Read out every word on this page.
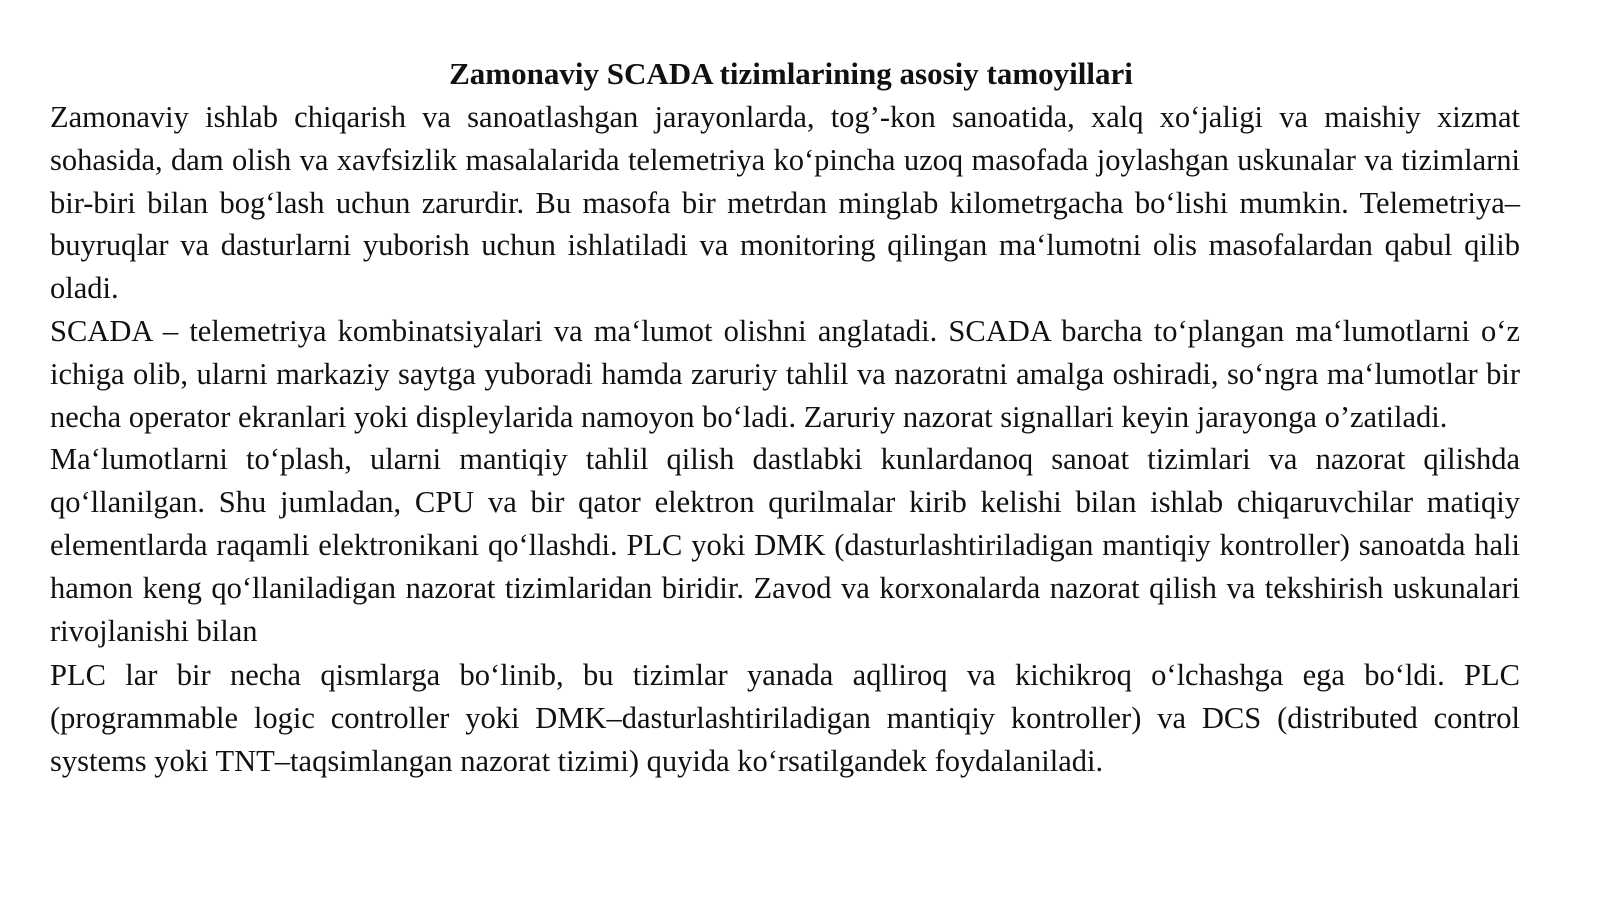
Zamonaviy SCADA tizimlarining asosiy tamoyillari

Zamonaviy ishlab chiqarish va sanoatlashgan jarayonlarda, tog’-kon sanoatida, xalq xo‘jaligi va maishiy xizmat sohasida, dam olish va xavfsizlik masalalarida telemetriya ko‘pincha uzoq masofada joylashgan uskunalar va tizimlarni bir-biri bilan bog‘lash uchun zarurdir. Bu masofa bir metrdan minglab kilometrgacha bo‘lishi mumkin. Telemetriya– buyruqlar va dasturlarni yuborish uchun ishlatiladi va monitoring qilingan ma‘lumotni olis masofalardan qabul qilib oladi.

SCADA – telemetriya kombinatsiyalari va ma‘lumot olishni anglatadi. SCADA barcha to‘plangan ma‘lumotlarni o‘z ichiga olib, ularni markaziy saytga yuboradi hamda zaruriy tahlil va nazoratni amalga oshiradi, so‘ngra ma‘lumotlar bir necha operator ekranlari yoki displeylarida namoyon bo‘ladi. Zaruriy nazorat signallari keyin jarayonga o’zatiladi.

Ma‘lumotlarni to‘plash, ularni mantiqiy tahlil qilish dastlabki kunlardanoq sanoat tizimlari va nazorat qilishda qo‘llanilgan. Shu jumladan, CPU va bir qator elektron qurilmalar kirib kelishi bilan ishlab chiqaruvchilar matiqiy elementlarda raqamli elektronikani qo‘llashdi. PLC yoki DMK (dasturlashtiriladigan mantiqiy kontroller) sanoatda hali hamon keng qo‘llaniladigan nazorat tizimlaridan biridir. Zavod va korxonalarda nazorat qilish va tekshirish uskunalari rivojlanishi bilan

PLC lar bir necha qismlarga bo‘linib, bu tizimlar yanada aqlliroq va kichikroq o‘lchashga ega bo‘ldi. PLC (programmable logic controller yoki DMK–dasturlashtiriladigan mantiqiy kontroller) va DCS (distributed control systems yoki TNT–taqsimlangan nazorat tizimi) quyida ko‘rsatilgandek foydalaniladi.
